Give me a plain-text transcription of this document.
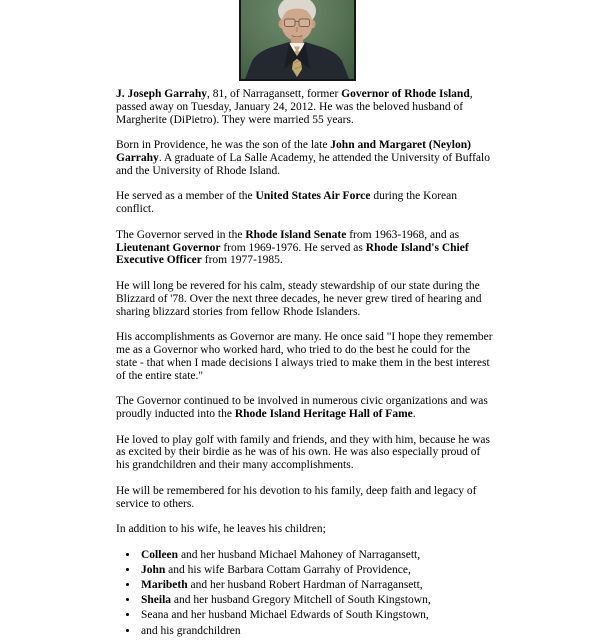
J. Joseph Garrahy, 81, of Narragansett, former Governor of Rhode Island, passed away on Tuesday, January 24, 2012. He was the beloved husband of Margherite (DiPietro). They were married 55 years.

Born in Providence, he was the son of the late John and Margaret (Neylon) Garrahy. A graduate of La Salle Academy, he attended the University of Buffalo and the University of Rhode Island.

He served as a member of the United States Air Force during the Korean conflict.

The Governor served in the Rhode Island Senate from 1963-1968, and as Lieutenant Governor from 1969-1976. He served as Rhode Island's Chief Executive Officer from 1977-1985.

He will long be revered for his calm, steady stewardship of our state during the Blizzard of '78. Over the next three decades, he never grew tired of hearing and sharing blizzard stories from fellow Rhode Islanders.

His accomplishments as Governor are many. He once said "I hope they remember me as a Governor who worked hard, who tried to do the best he could for the state - that when I made decisions I always tried to make them in the best interest of the entire state."

The Governor continued to be involved in numerous civic organizations and was proudly inducted into the Rhode Island Heritage Hall of Fame.

He loved to play golf with family and friends, and they with him, because he was as excited by their birdie as he was of his own. He was also especially proud of his grandchildren and their many accomplishments.

He will be remembered for his devotion to his family, deep faith and legacy of service to others.

In addition to his wife, he leaves his children;

• Colleen and her husband Michael Mahoney of Narragansett,
• John and his wife Barbara Cottam Garrahy of Providence,
• Maribeth and her husband Robert Hardman of Narragansett,
• Sheila and her husband Gregory Mitchell of South Kingstown,
• Seana and her husband Michael Edwards of South Kingstown,
• and his grandchildren
